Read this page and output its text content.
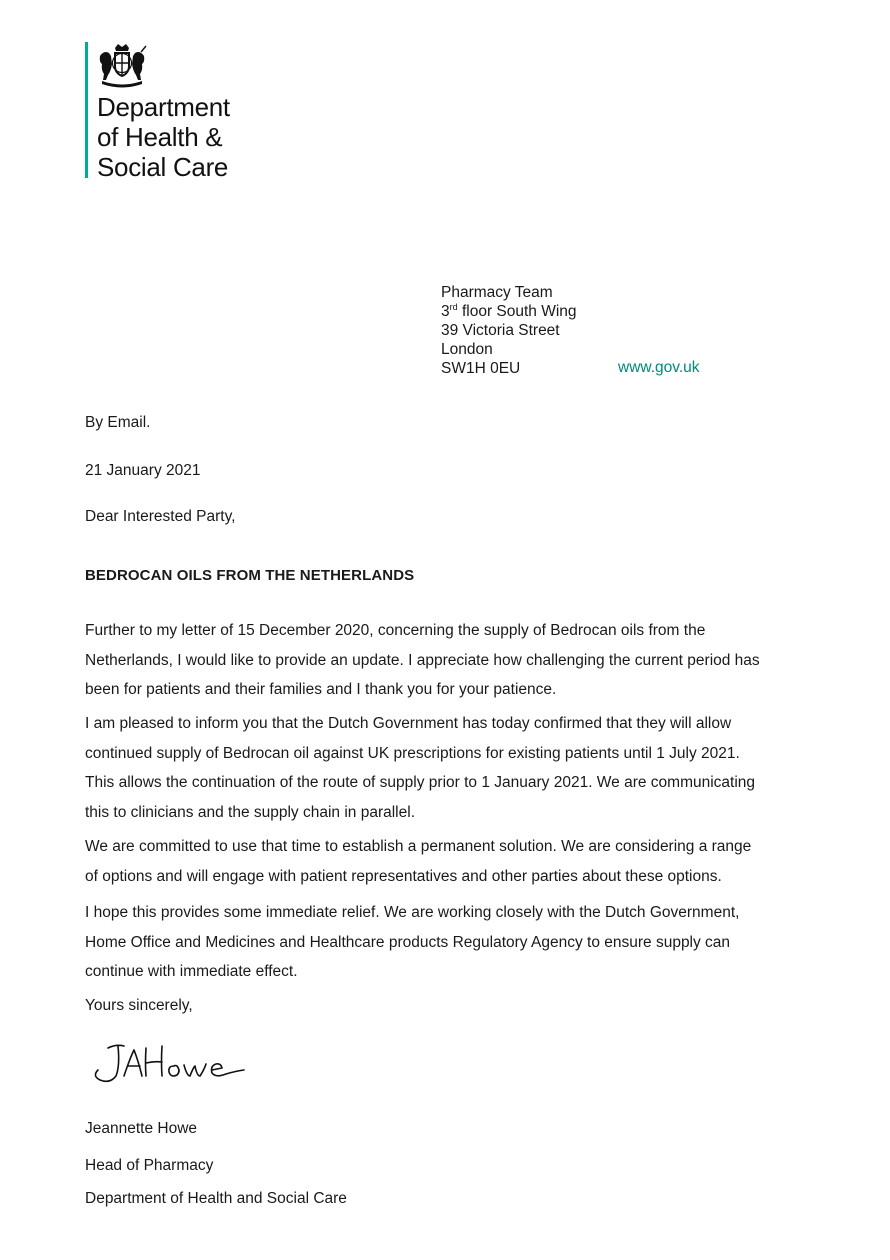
Department
of Health &
Social Care
Pharmacy Team
3rd floor South Wing
39 Victoria Street
London
SW1H 0EU	www.gov.uk
By Email.
21 January 2021
Dear Interested Party,
BEDROCAN OILS FROM THE NETHERLANDS
Further to my letter of 15 December 2020, concerning the supply of Bedrocan oils from the
Netherlands, I would like to provide an update. I appreciate how challenging the current period has
been for patients and their families and I thank you for your patience.
I am pleased to inform you that the Dutch Government has today confirmed that they will allow
continued supply of Bedrocan oil against UK prescriptions for existing patients until 1 July 2021.
This allows the continuation of the route of supply prior to 1 January 2021. We are communicating
this to clinicians and the supply chain in parallel.
We are committed to use that time to establish a permanent solution. We are considering a range
of options and will engage with patient representatives and other parties about these options.
I hope this provides some immediate relief. We are working closely with the Dutch Government,
Home Office and Medicines and Healthcare products Regulatory Agency to ensure supply can
continue with immediate effect.
Yours sincerely,
Jeannette Howe
Head of Pharmacy
Department of Health and Social Care
